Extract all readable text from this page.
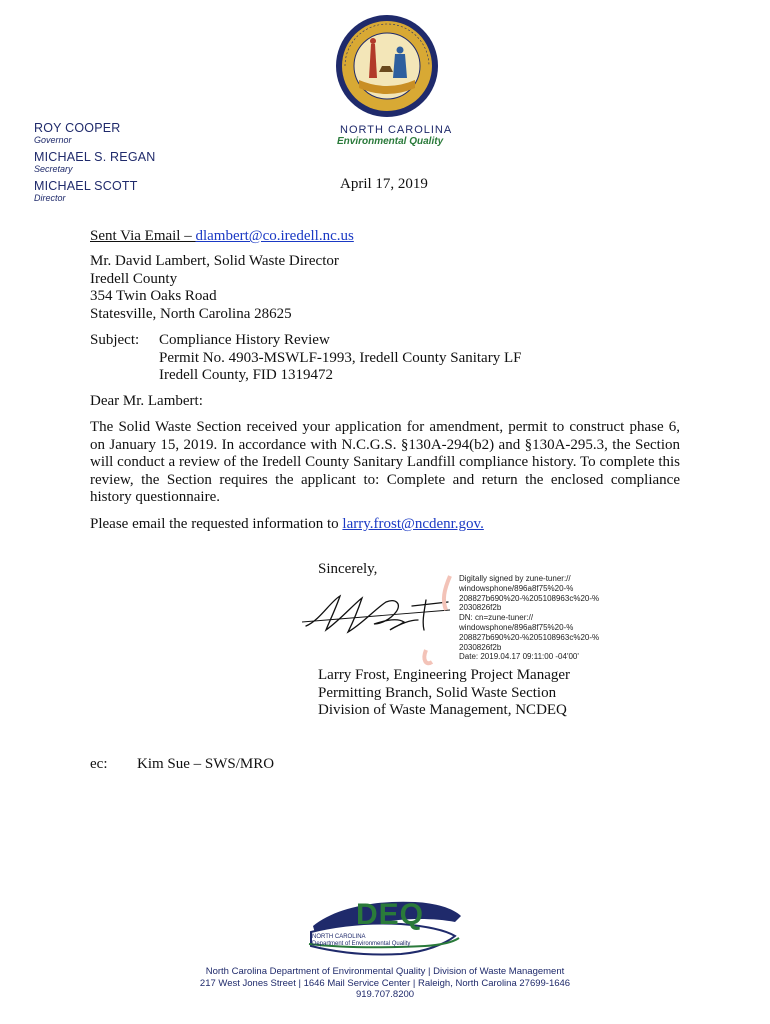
ROY COOPER
Governor
MICHAEL S. REGAN
Secretary
MICHAEL SCOTT
Director
NORTH CAROLINA
Environmental Quality
April 17, 2019
Sent Via Email – dlambert@co.iredell.nc.us
Mr. David Lambert, Solid Waste Director
Iredell County
354 Twin Oaks Road
Statesville, North Carolina 28625
Subject: Compliance History Review
Permit No. 4903-MSWLF-1993, Iredell County Sanitary LF
Iredell County, FID 1319472
Dear Mr. Lambert:
The Solid Waste Section received your application for amendment, permit to construct phase 6, on January 15, 2019. In accordance with N.C.G.S. §130A-294(b2) and §130A-295.3, the Section will conduct a review of the Iredell County Sanitary Landfill compliance history. To complete this review, the Section requires the applicant to: Complete and return the enclosed compliance history questionnaire.
Please email the requested information to larry.frost@ncdenr.gov.
Sincerely,
Digitally signed by zune-tuner://
windowsphone/896a8f75%20-%
208827b690%20-%205108963c%20-%
2030826f2b
DN: cn=zune-tuner://
windowsphone/896a8f75%20-%
208827b690%20-%205108963c%20-%
2030826f2b
Date: 2019.04.17 09:11:00 -04'00'
Larry Frost, Engineering Project Manager
Permitting Branch, Solid Waste Section
Division of Waste Management, NCDEQ
ec: Kim Sue – SWS/MRO
DEQ
NORTH CAROLINA
Department of Environmental Quality
North Carolina Department of Environmental Quality | Division of Waste Management
217 West Jones Street | 1646 Mail Service Center | Raleigh, North Carolina 27699-1646
919.707.8200
